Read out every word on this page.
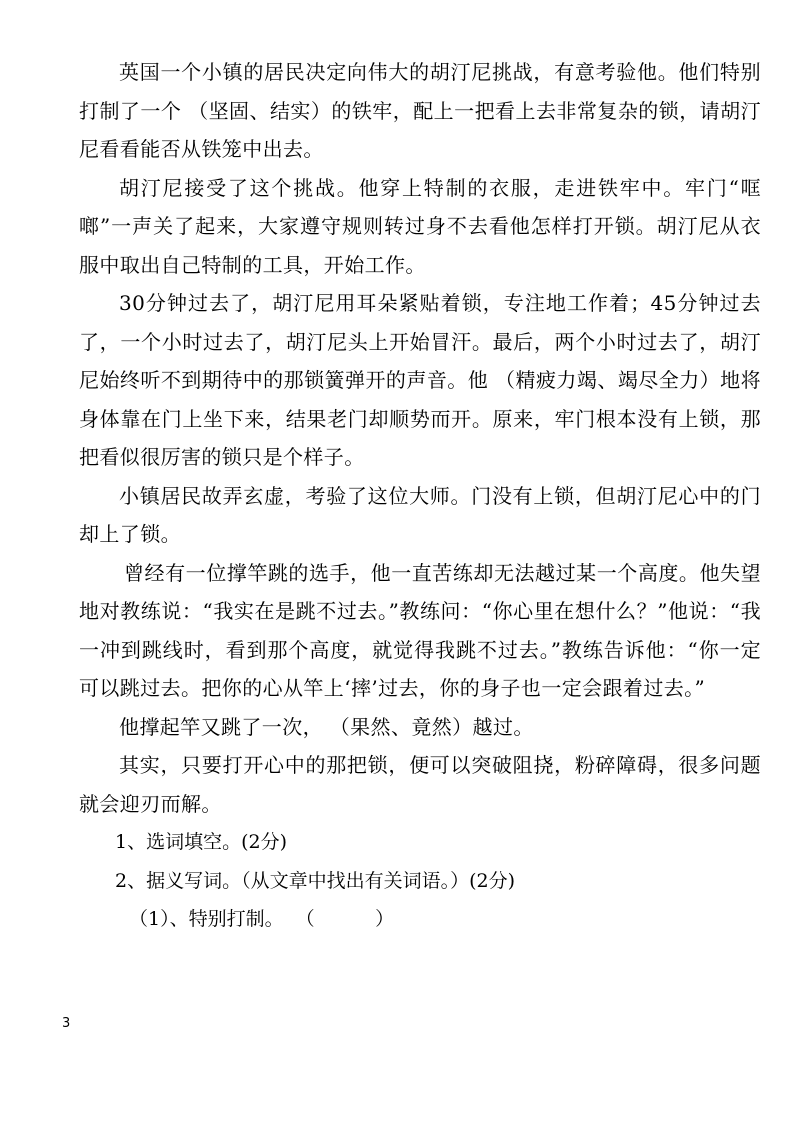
英国一个小镇的居民决定向伟大的胡汀尼挑战，有意考验他。他们特别打制了一个 （坚固、结实）的铁牢，配上一把看上去非常复杂的锁，请胡汀尼看看能否从铁笼中出去。

胡汀尼接受了这个挑战。他穿上特制的衣服，走进铁牢中。牢门“哐啷”一声关了起来，大家遵守规则转过身不去看他怎样打开锁。胡汀尼从衣服中取出自己特制的工具，开始工作。

30分钟过去了，胡汀尼用耳朵紧贴着锁，专注地工作着；45分钟过去了，一个小时过去了，胡汀尼头上开始冒汗。最后，两个小时过去了，胡汀尼始终听不到期待中的那锁簧弹开的声音。他 （精疲力竭、竭尽全力）地将身体靠在门上坐下来，结果老门却顺势而开。原来，牢门根本没有上锁，那把看似很厉害的锁只是个样子。

小镇居民故弄玄虚，考验了这位大师。门没有上锁，但胡汀尼心中的门却上了锁。

曾经有一位撑竿跳的选手，他一直苦练却无法越过某一个高度。他失望地对教练说：“我实在是跳不过去。”教练问：“你心里在想什么？”他说：“我一冲到跳线时，看到那个高度，就觉得我跳不过去。”教练告诉他：“你一定可以跳过去。把你的心从竿上‘摔’过去，你的身子也一定会跟着过去。”

他撑起竿又跳了一次， （果然、竟然）越过。

其实，只要打开心中的那把锁，便可以突破阻挠，粉碎障碍，很多问题就会迎刃而解。

1、选词填空。(2分)

2、据义写词。（从文章中找出有关词语。）(2分)

（1）、特别打制。  （          ）

3
